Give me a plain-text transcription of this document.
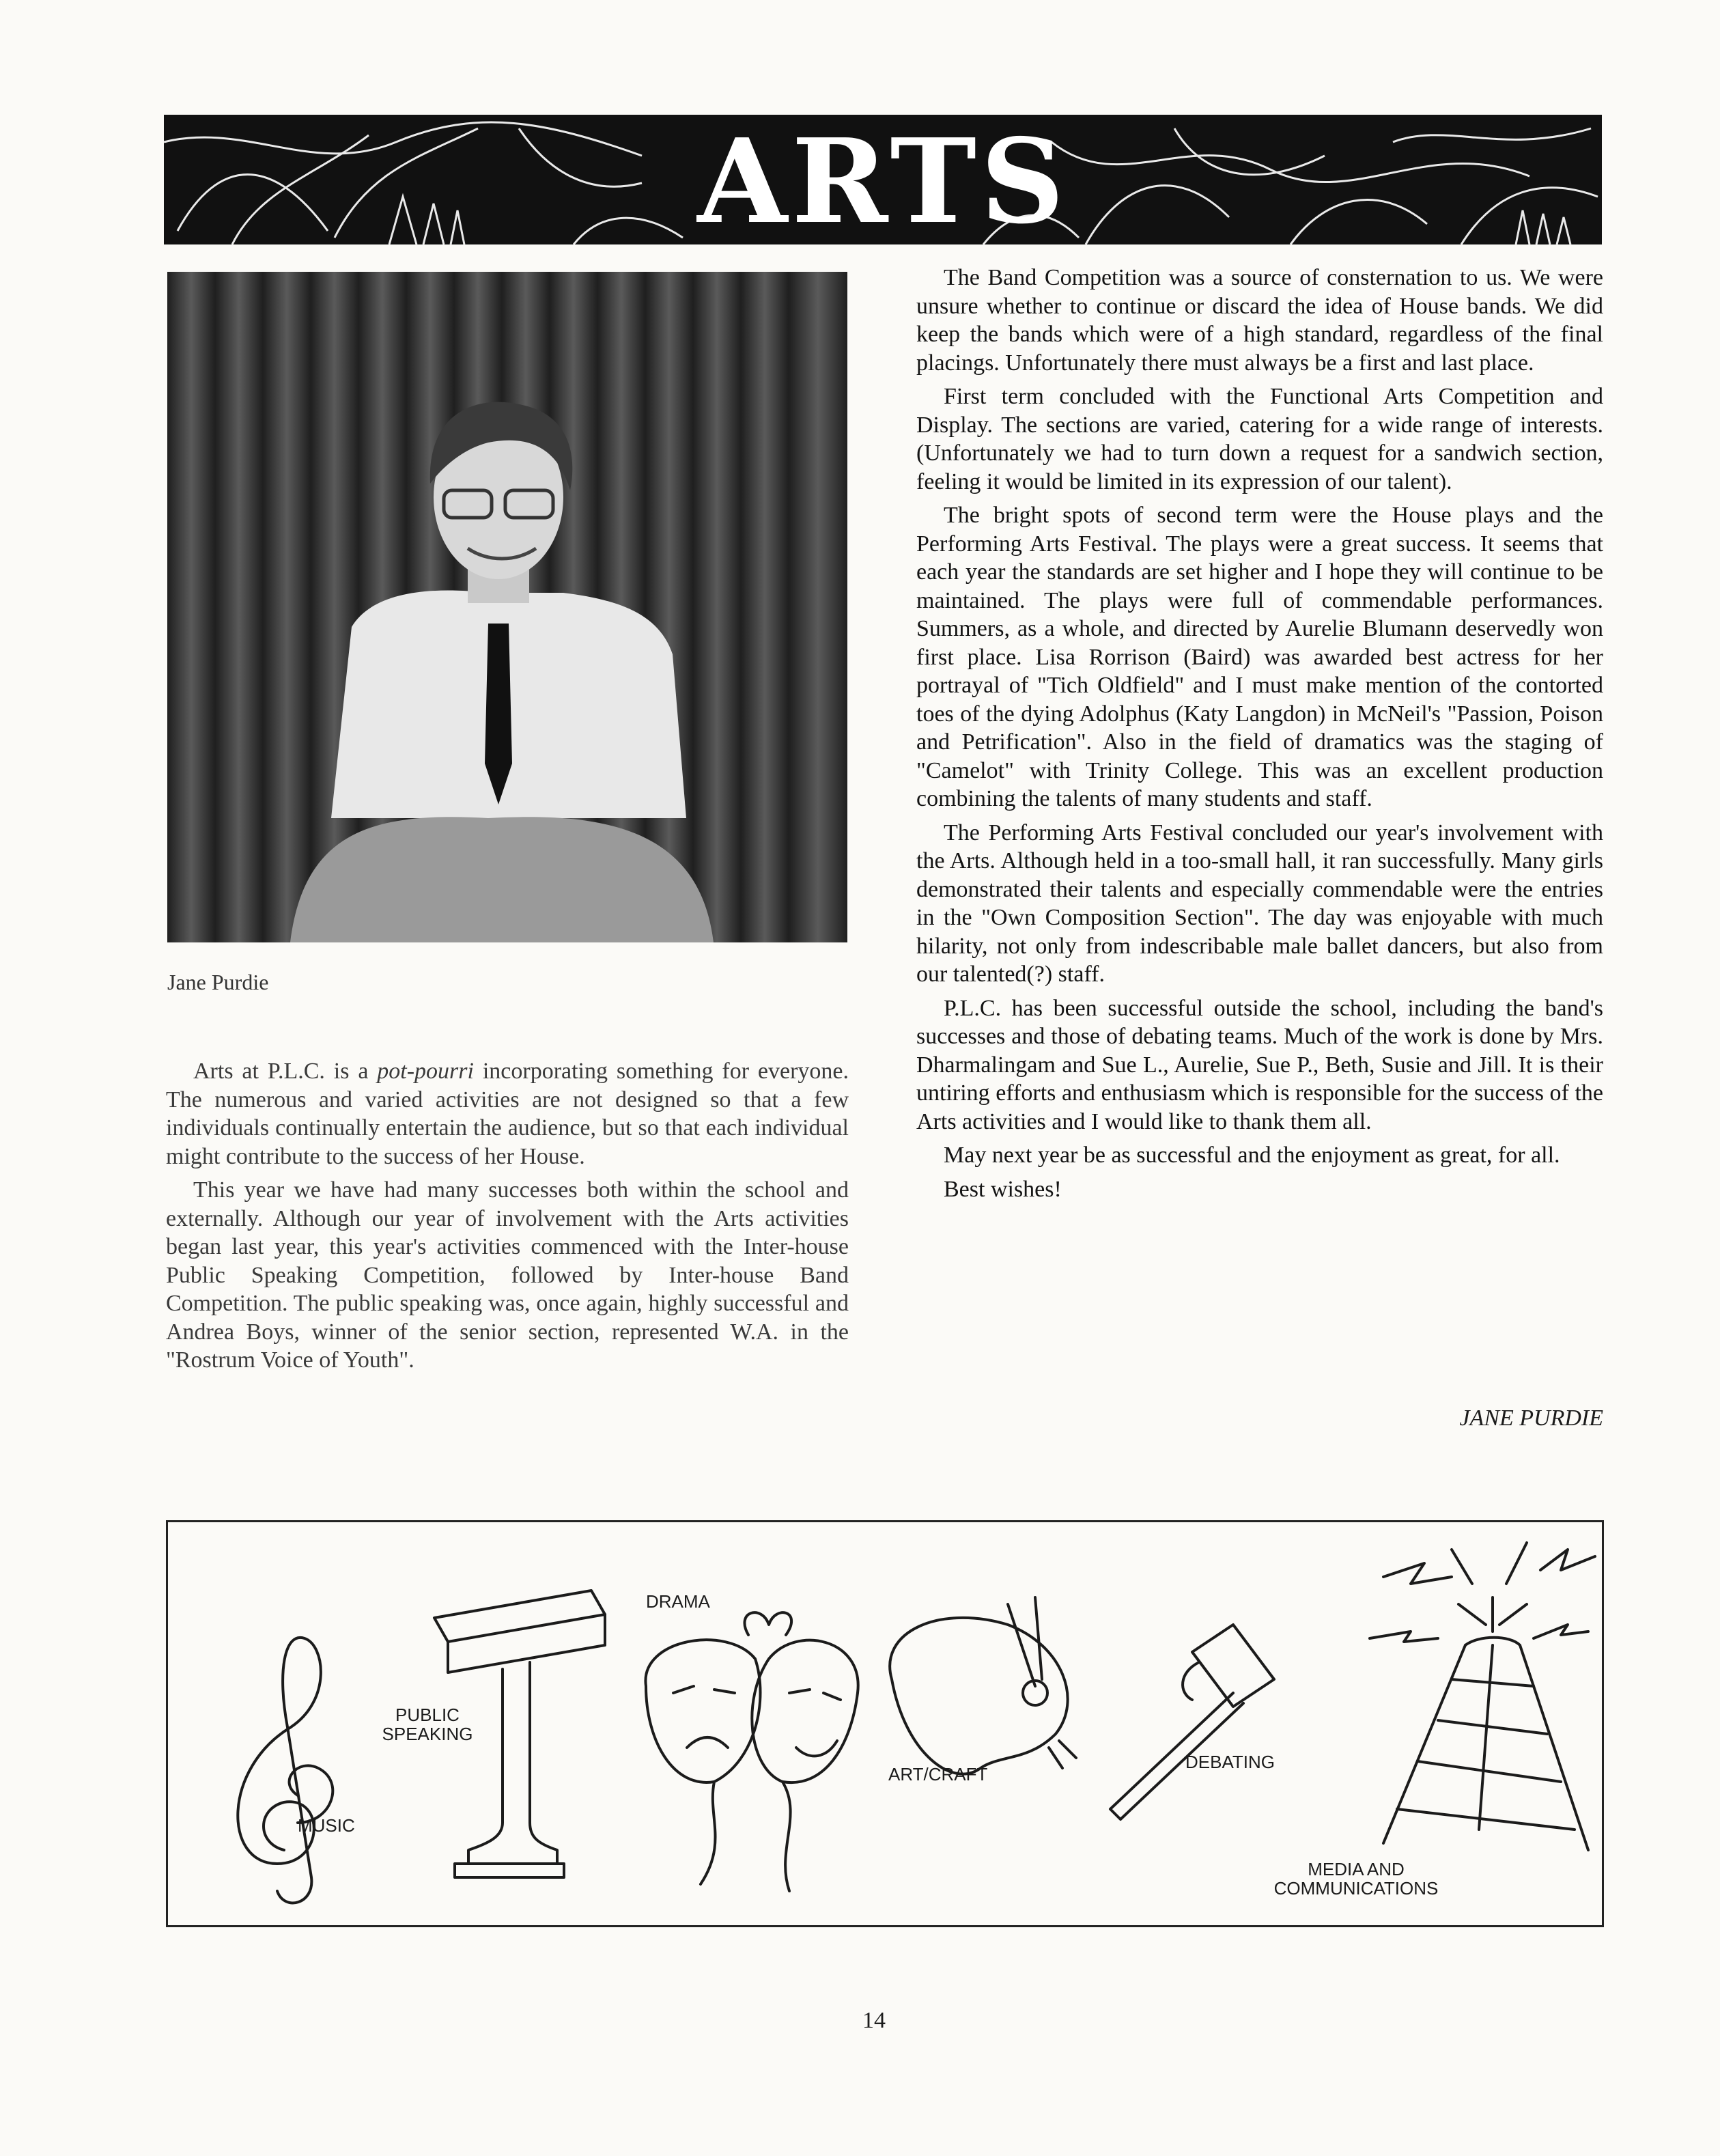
ARTS
Jane Purdie

Arts at P.L.C. is a pot-pourri incorporating something for everyone. The numerous and varied activities are not designed so that a few individuals continually entertain the audience, but so that each individual might contribute to the success of her House.

This year we have had many successes both within the school and externally. Although our year of involvement with the Arts activities began last year, this year's activities commenced with the Inter-house Public Speaking Competition, followed by Inter-house Band Competition. The public speaking was, once again, highly successful and Andrea Boys, winner of the senior section, represented W.A. in the "Rostrum Voice of Youth".

The Band Competition was a source of consternation to us. We were unsure whether to continue or discard the idea of House bands. We did keep the bands which were of a high standard, regardless of the final placings. Unfortunately there must always be a first and last place.

First term concluded with the Functional Arts Competition and Display. The sections are varied, catering for a wide range of interests. (Unfortunately we had to turn down a request for a sandwich section, feeling it would be limited in its expression of our talent).

The bright spots of second term were the House plays and the Performing Arts Festival. The plays were a great success. It seems that each year the standards are set higher and I hope they will continue to be maintained. The plays were full of commendable performances. Summers, as a whole, and directed by Aurelie Blumann deservedly won first place. Lisa Rorrison (Baird) was awarded best actress for her portrayal of "Tich Oldfield" and I must make mention of the contorted toes of the dying Adolphus (Katy Langdon) in McNeil's "Passion, Poison and Petrification". Also in the field of dramatics was the staging of "Camelot" with Trinity College. This was an excellent production combining the talents of many students and staff.

The Performing Arts Festival concluded our year's involvement with the Arts. Although held in a too-small hall, it ran successfully. Many girls demonstrated their talents and especially commendable were the entries in the "Own Composition Section". The day was enjoyable with much hilarity, not only from indescribable male ballet dancers, but also from our talented(?) staff.

P.L.C. has been successful outside the school, including the band's successes and those of debating teams. Much of the work is done by Mrs. Dharmalingam and Sue L., Aurelie, Sue P., Beth, Susie and Jill. It is their untiring efforts and enthusiasm which is responsible for the success of the Arts activities and I would like to thank them all.

May next year be as successful and the enjoyment as great, for all.

Best wishes!

JANE PURDIE
MUSIC
PUBLIC
SPEAKING
DRAMA
ART/CRAFT
DEBATING
MEDIA AND
COMMUNICATIONS
14
